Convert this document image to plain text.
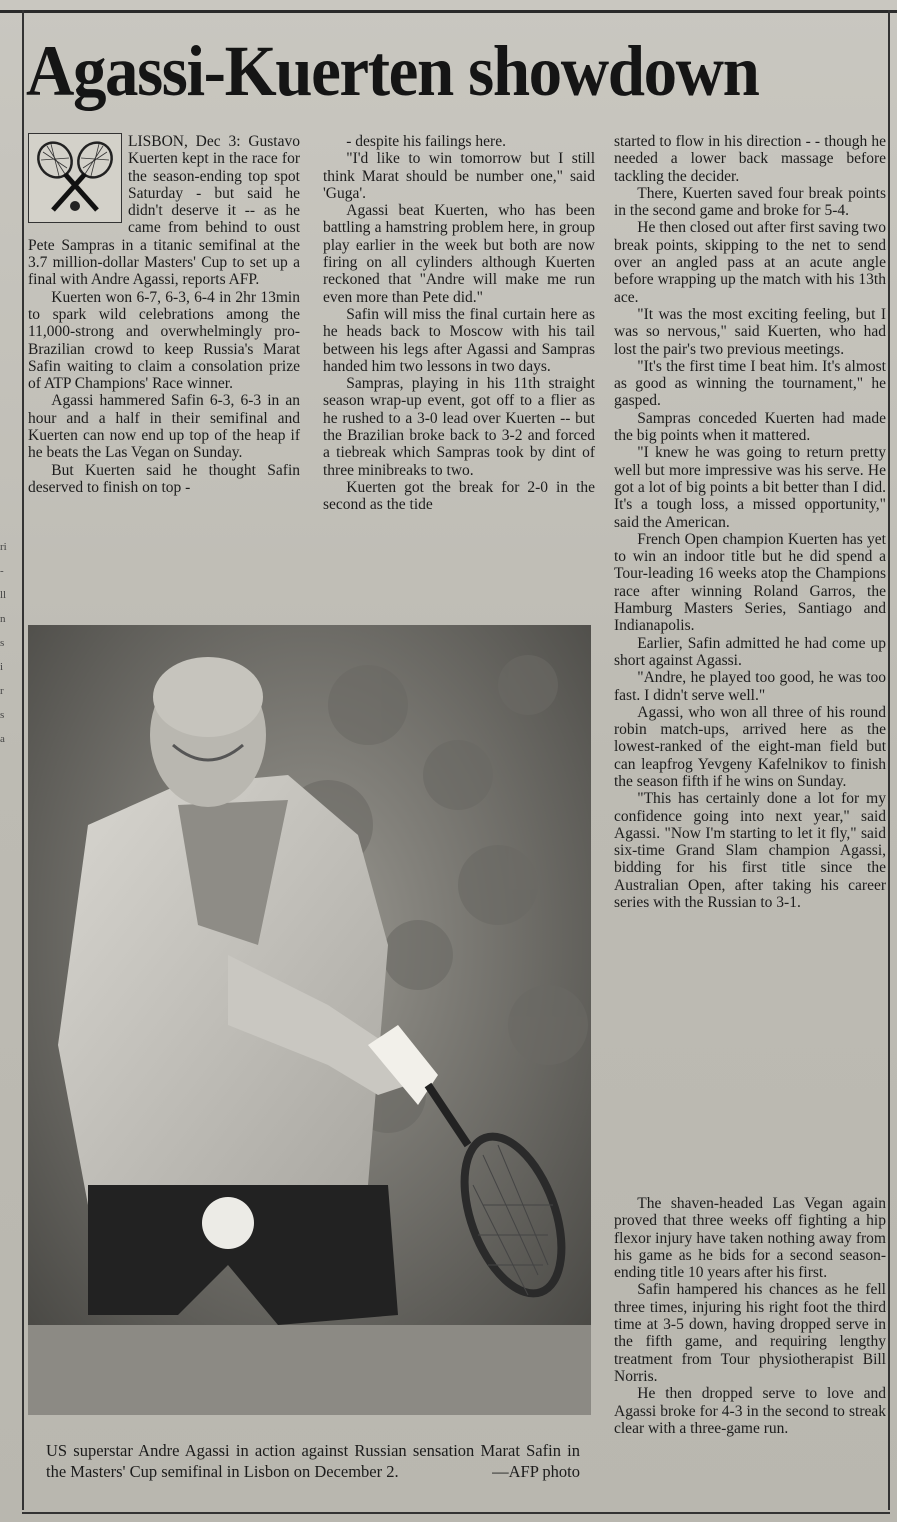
ri
-
ll
n
s
i
r
s
a
Agassi-Kuerten showdown

LISBON, Dec 3: Gustavo Kuerten kept in the race for the season-ending top spot Saturday - but said he didn't deserve it -- as he came from behind to oust Pete Sampras in a titanic semifinal at the 3.7 million-dollar Masters' Cup to set up a final with Andre Agassi, reports AFP.

Kuerten won 6-7, 6-3, 6-4 in 2hr 13min to spark wild celebrations among the 11,000-strong and overwhelmingly pro-Brazilian crowd to keep Russia's Marat Safin waiting to claim a consolation prize of ATP Champions' Race winner.

Agassi hammered Safin 6-3, 6-3 in an hour and a half in their semifinal and Kuerten can now end up top of the heap if he beats the Las Vegan on Sunday.

But Kuerten said he thought Safin deserved to finish on top -

- despite his failings here.

"I'd like to win tomorrow but I still think Marat should be number one," said 'Guga'.

Agassi beat Kuerten, who has been battling a hamstring problem here, in group play earlier in the week but both are now firing on all cylinders although Kuerten reckoned that "Andre will make me run even more than Pete did."

Safin will miss the final curtain here as he heads back to Moscow with his tail between his legs after Agassi and Sampras handed him two lessons in two days.

Sampras, playing in his 11th straight season wrap-up event, got off to a flier as he rushed to a 3-0 lead over Kuerten -- but the Brazilian broke back to 3-2 and forced a tiebreak which Sampras took by dint of three minibreaks to two.

Kuerten got the break for 2-0 in the second as the tide

started to flow in his direction - - though he needed a lower back massage before tackling the decider.

There, Kuerten saved four break points in the second game and broke for 5-4.

He then closed out after first saving two break points, skipping to the net to send over an angled pass at an acute angle before wrapping up the match with his 13th ace.

"It was the most exciting feeling, but I was so nervous," said Kuerten, who had lost the pair's two previous meetings.

"It's the first time I beat him. It's almost as good as winning the tournament," he gasped.

Sampras conceded Kuerten had made the big points when it mattered.

"I knew he was going to return pretty well but more impressive was his serve. He got a lot of big points a bit better than I did. It's a tough loss, a missed opportunity," said the American.

French Open champion Kuerten has yet to win an indoor title but he did spend a Tour-leading 16 weeks atop the Champions race after winning Roland Garros, the Hamburg Masters Series, Santiago and Indianapolis.

Earlier, Safin admitted he had come up short against Agassi.

"Andre, he played too good, he was too fast. I didn't serve well."

Agassi, who won all three of his round robin match-ups, arrived here as the lowest-ranked of the eight-man field but can leapfrog Yevgeny Kafelnikov to finish the season fifth if he wins on Sunday.

"This has certainly done a lot for my confidence going into next year," said Agassi. "Now I'm starting to let it fly," said six-time Grand Slam champion Agassi, bidding for his first title since the Australian Open, after taking his career series with the Russian to 3-1.

The shaven-headed Las Vegan again proved that three weeks off fighting a hip flexor injury have taken nothing away from his game as he bids for a second season-ending title 10 years after his first.

Safin hampered his chances as he fell three times, injuring his right foot the third time at 3-5 down, having dropped serve in the fifth game, and requiring lengthy treatment from Tour physiotherapist Bill Norris.

He then dropped serve to love and Agassi broke for 4-3 in the second to streak clear with a three-game run.

US superstar Andre Agassi in action against Russian sensation Marat Safin in the Masters' Cup semifinal in Lisbon on December 2.	—AFP photo
